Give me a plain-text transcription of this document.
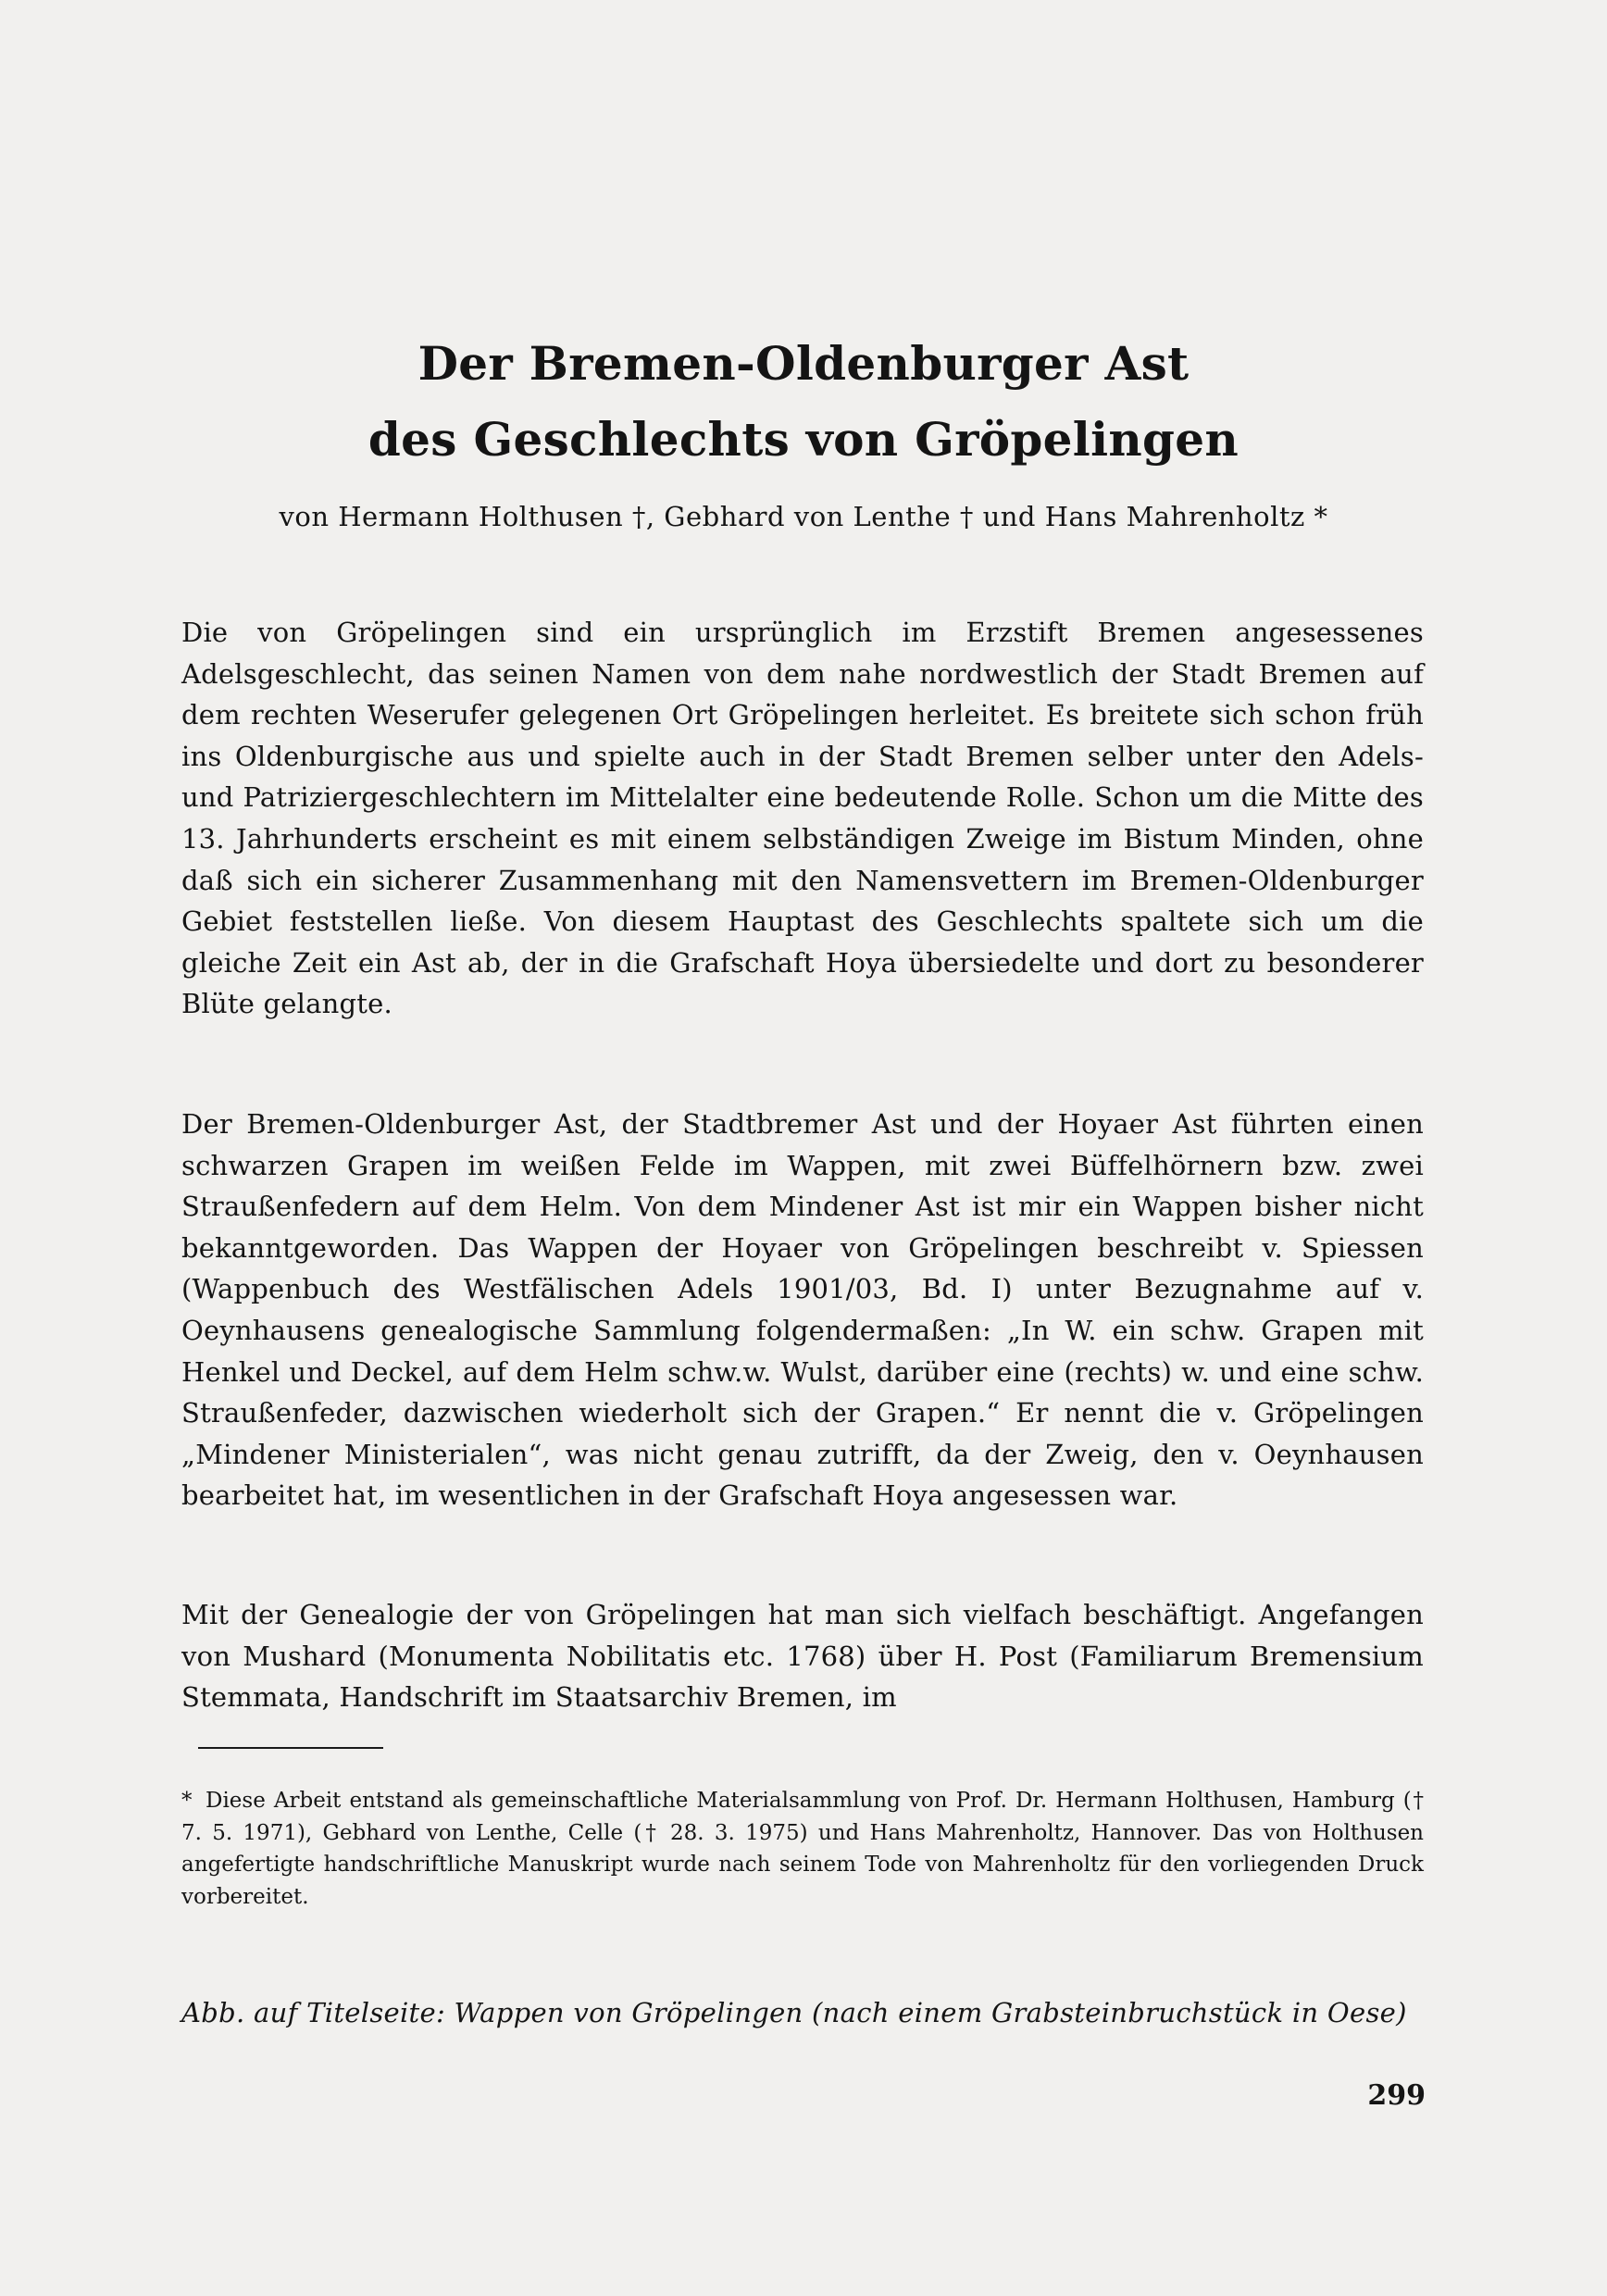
Der Bremen-Oldenburger Ast
des Geschlechts von Gröpelingen
von Hermann Holthusen †, Gebhard von Lenthe † und Hans Mahrenholtz *

Die von Gröpelingen sind ein ursprünglich im Erzstift Bremen angesessenes Adelsgeschlecht, das seinen Namen von dem nahe nordwestlich der Stadt Bremen auf dem rechten Weserufer gelegenen Ort Gröpelingen herleitet. Es breitete sich schon früh ins Oldenburgische aus und spielte auch in der Stadt Bremen selber unter den Adels- und Patriziergeschlechtern im Mittelalter eine bedeutende Rolle. Schon um die Mitte des 13. Jahrhunderts erscheint es mit einem selbständigen Zweige im Bistum Minden, ohne daß sich ein sicherer Zusammenhang mit den Namensvettern im Bremen-Oldenburger Gebiet feststellen ließe. Von diesem Hauptast des Geschlechts spaltete sich um die gleiche Zeit ein Ast ab, der in die Grafschaft Hoya übersiedelte und dort zu besonderer Blüte gelangte.

Der Bremen-Oldenburger Ast, der Stadtbremer Ast und der Hoyaer Ast führten einen schwarzen Grapen im weißen Felde im Wappen, mit zwei Büffelhörnern bzw. zwei Straußenfedern auf dem Helm. Von dem Mindener Ast ist mir ein Wappen bisher nicht bekanntgeworden. Das Wappen der Hoyaer von Gröpelingen beschreibt v. Spiessen (Wappenbuch des Westfälischen Adels 1901/03, Bd. I) unter Bezugnahme auf v. Oeynhausens genealogische Sammlung folgendermaßen: „In W. ein schw. Grapen mit Henkel und Deckel, auf dem Helm schw.w. Wulst, darüber eine (rechts) w. und eine schw. Straußenfeder, dazwischen wiederholt sich der Grapen.“ Er nennt die v. Gröpelingen „Mindener Ministerialen“, was nicht genau zutrifft, da der Zweig, den v. Oeynhausen bearbeitet hat, im wesentlichen in der Grafschaft Hoya angesessen war.

Mit der Genealogie der von Gröpelingen hat man sich vielfach beschäftigt. Angefangen von Mushard (Monumenta Nobilitatis etc. 1768) über H. Post (Familiarum Bremensium Stemmata, Handschrift im Staatsarchiv Bremen, im

* Diese Arbeit entstand als gemeinschaftliche Materialsammlung von Prof. Dr. Hermann Holthusen, Hamburg († 7. 5. 1971), Gebhard von Lenthe, Celle († 28. 3. 1975) und Hans Mahrenholtz, Hannover. Das von Holthusen angefertigte handschriftliche Manuskript wurde nach seinem Tode von Mahrenholtz für den vorliegenden Druck vorbereitet.
Abb. auf Titelseite: Wappen von Gröpelingen (nach einem Grabsteinbruchstück in Oese)
299
